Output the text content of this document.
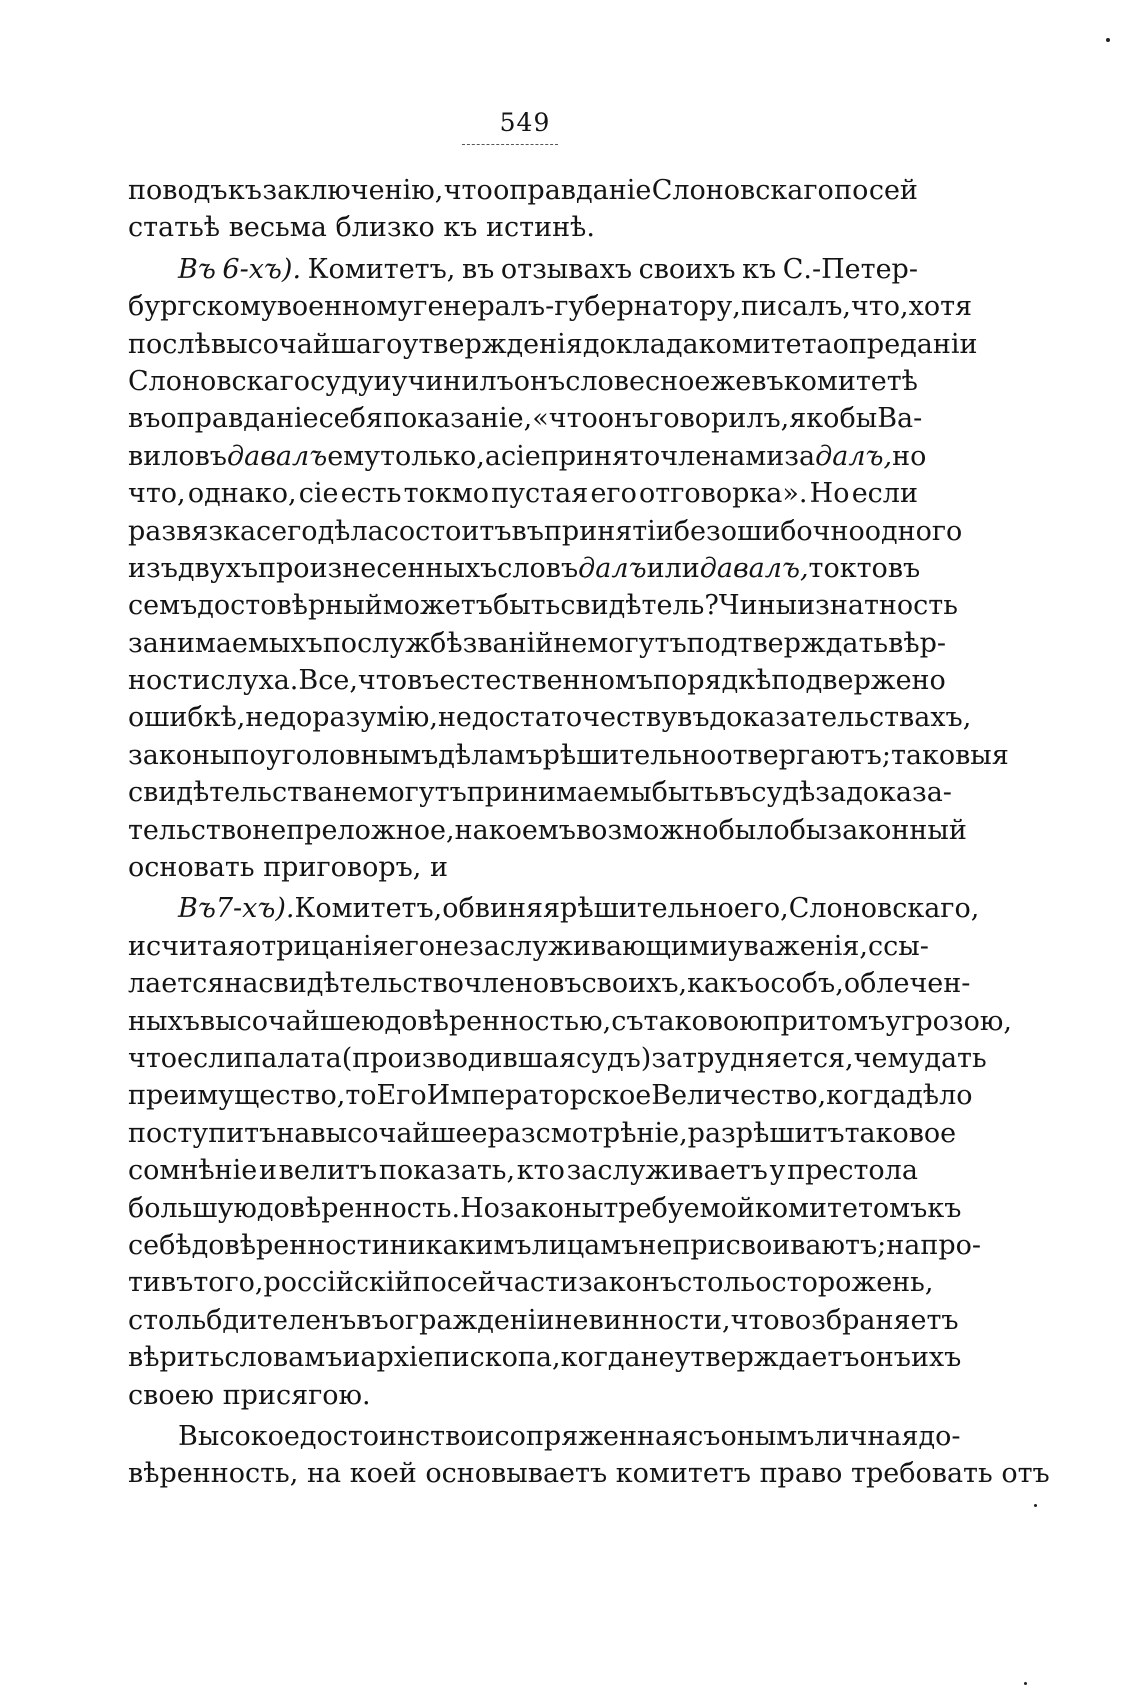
549
поводъ къ заключенію, что оправданіе Слоновскаго по сей
статьѣ весьма близко къ истинѣ.
Въ 6-хъ). Комитетъ, въ отзывахъ своихъ къ С.-Петер-
бургскому военному генералъ-губернатору, писалъ, что, хотя
послѣ высочайшаго утвержденія доклада комитета о преданіи
Слоновскаго суду и учинилъ онъ словесное же въ комитетѣ
въ оправданіе себя показаніе, «что онъ говорилъ, яко бы Ва-
виловъ давалъ ему только, а сіе принято членами за далъ, но
что, однако, сіе есть токмо пустая его отговорка». Но если
развязка сего дѣла состоитъ въ принятіи безошибочно одного
изъ двухъ произнесенныхъ словъ далъ или давалъ, то кто въ
семъ достовѣрный можетъ быть свидѣтель? Чины и знатность
занимаемыхъ по службѣ званій не могутъ подтверждать вѣр-
ности слуха. Все, что въ естественномъ порядкѣ подвержено
ошибкѣ, недоразумію, недостаточеству въ доказательствахъ,
законы по уголовнымъ дѣламъ рѣшительно отвергаютъ; таковыя
свидѣтельства не могутъ принимаемы быть въ судѣ за доказа-
тельство непреложное, на коемъ возможно было бы законный
основать приговоръ, и
Въ 7-хъ). Комитетъ, обвиняя рѣшительно его, Слоновскаго,
и считая отрицанія его не заслуживающими уваженія, ссы-
лается на свидѣтельство членовъ своихъ, какъ особъ, облечен-
ныхъ высочайшею довѣренностью, съ таковою притомъ угрозою,
что если палата (производившая судъ) затрудняется, чему дать
преимущество, то Его Императорское Величество, когда дѣло
поступитъ на высочайшее разсмотрѣніе, разрѣшитъ таковое
сомнѣніе и велитъ показать, кто заслуживаетъ у престола
большую довѣренность. Но законы требуемой комитетомъ къ
себѣ довѣренности никакимъ лицамъ не присвоиваютъ; напро-
тивъ того, россійскій по сей части законъ столь осторожень,
столь бдителенъ въ огражденіи невинности, что возбраняетъ
вѣрить словамъ и архіепископа, когда не утверждаетъ онъ ихъ
своею присягою.
Высокое достоинство и сопряженная съ онымъ личная до-
вѣренность, на коей основываетъ комитетъ право требовать отъ
